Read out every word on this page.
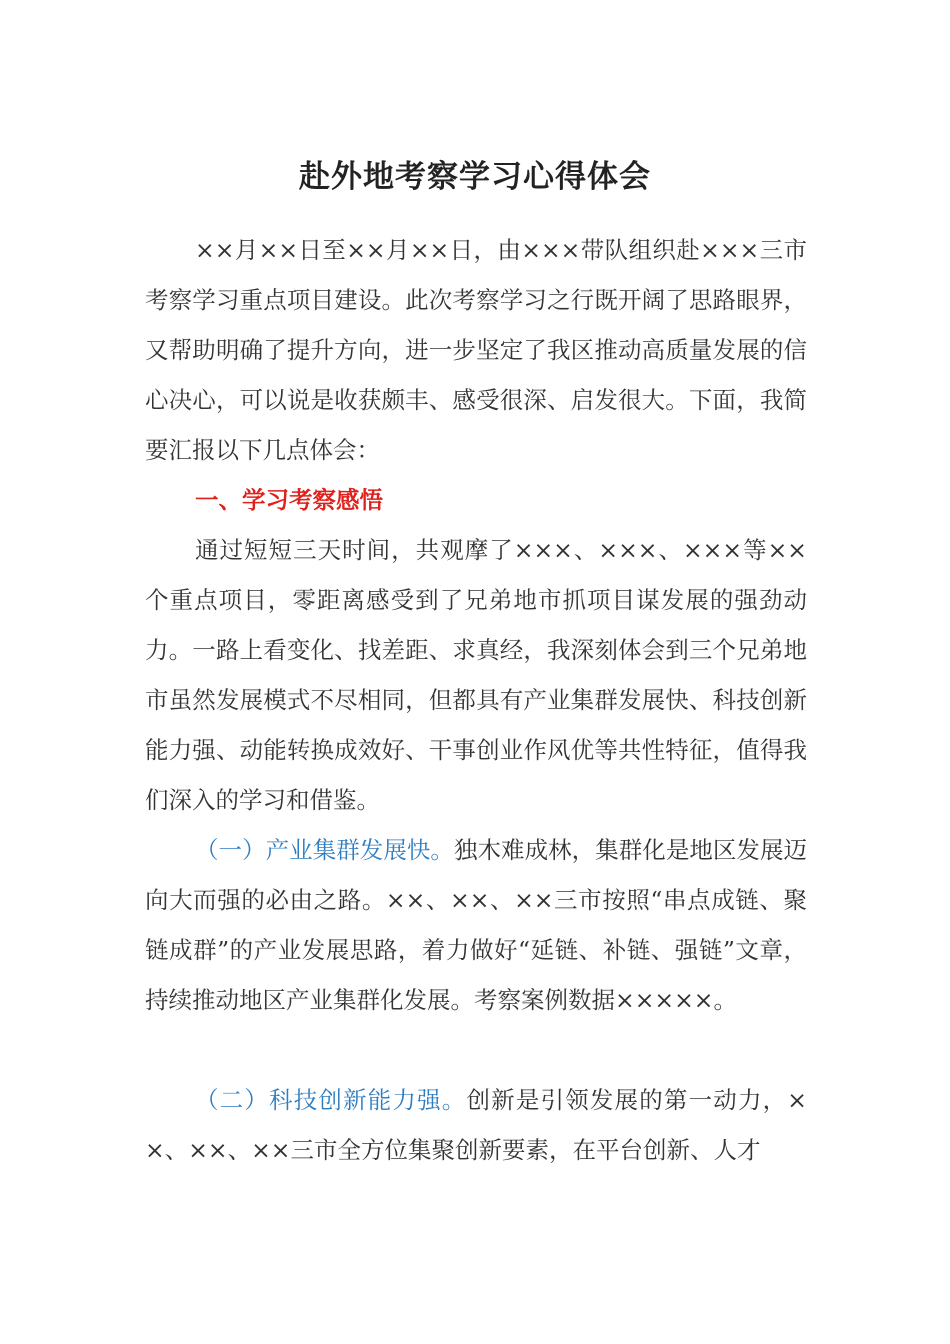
赴外地考察学习心得体会

××月××日至××月××日，由×××带队组织赴×××三市考察学习重点项目建设。此次考察学习之行既开阔了思路眼界，又帮助明确了提升方向，进一步坚定了我区推动高质量发展的信心决心，可以说是收获颇丰、感受很深、启发很大。下面，我简要汇报以下几点体会：

一、学习考察感悟

通过短短三天时间，共观摩了×××、×××、×××等××个重点项目，零距离感受到了兄弟地市抓项目谋发展的强劲动力。一路上看变化、找差距、求真经，我深刻体会到三个兄弟地市虽然发展模式不尽相同，但都具有产业集群发展快、科技创新能力强、动能转换成效好、干事创业作风优等共性特征，值得我们深入的学习和借鉴。

（一）产业集群发展快。独木难成林，集群化是地区发展迈向大而强的必由之路。××、××、××三市按照“串点成链、聚链成群”的产业发展思路，着力做好“延链、补链、强链”文章，持续推动地区产业集群化发展。考察案例数据×××××。

（二）科技创新能力强。创新是引领发展的第一动力，××、××、××三市全方位集聚创新要素，在平台创新、人才
